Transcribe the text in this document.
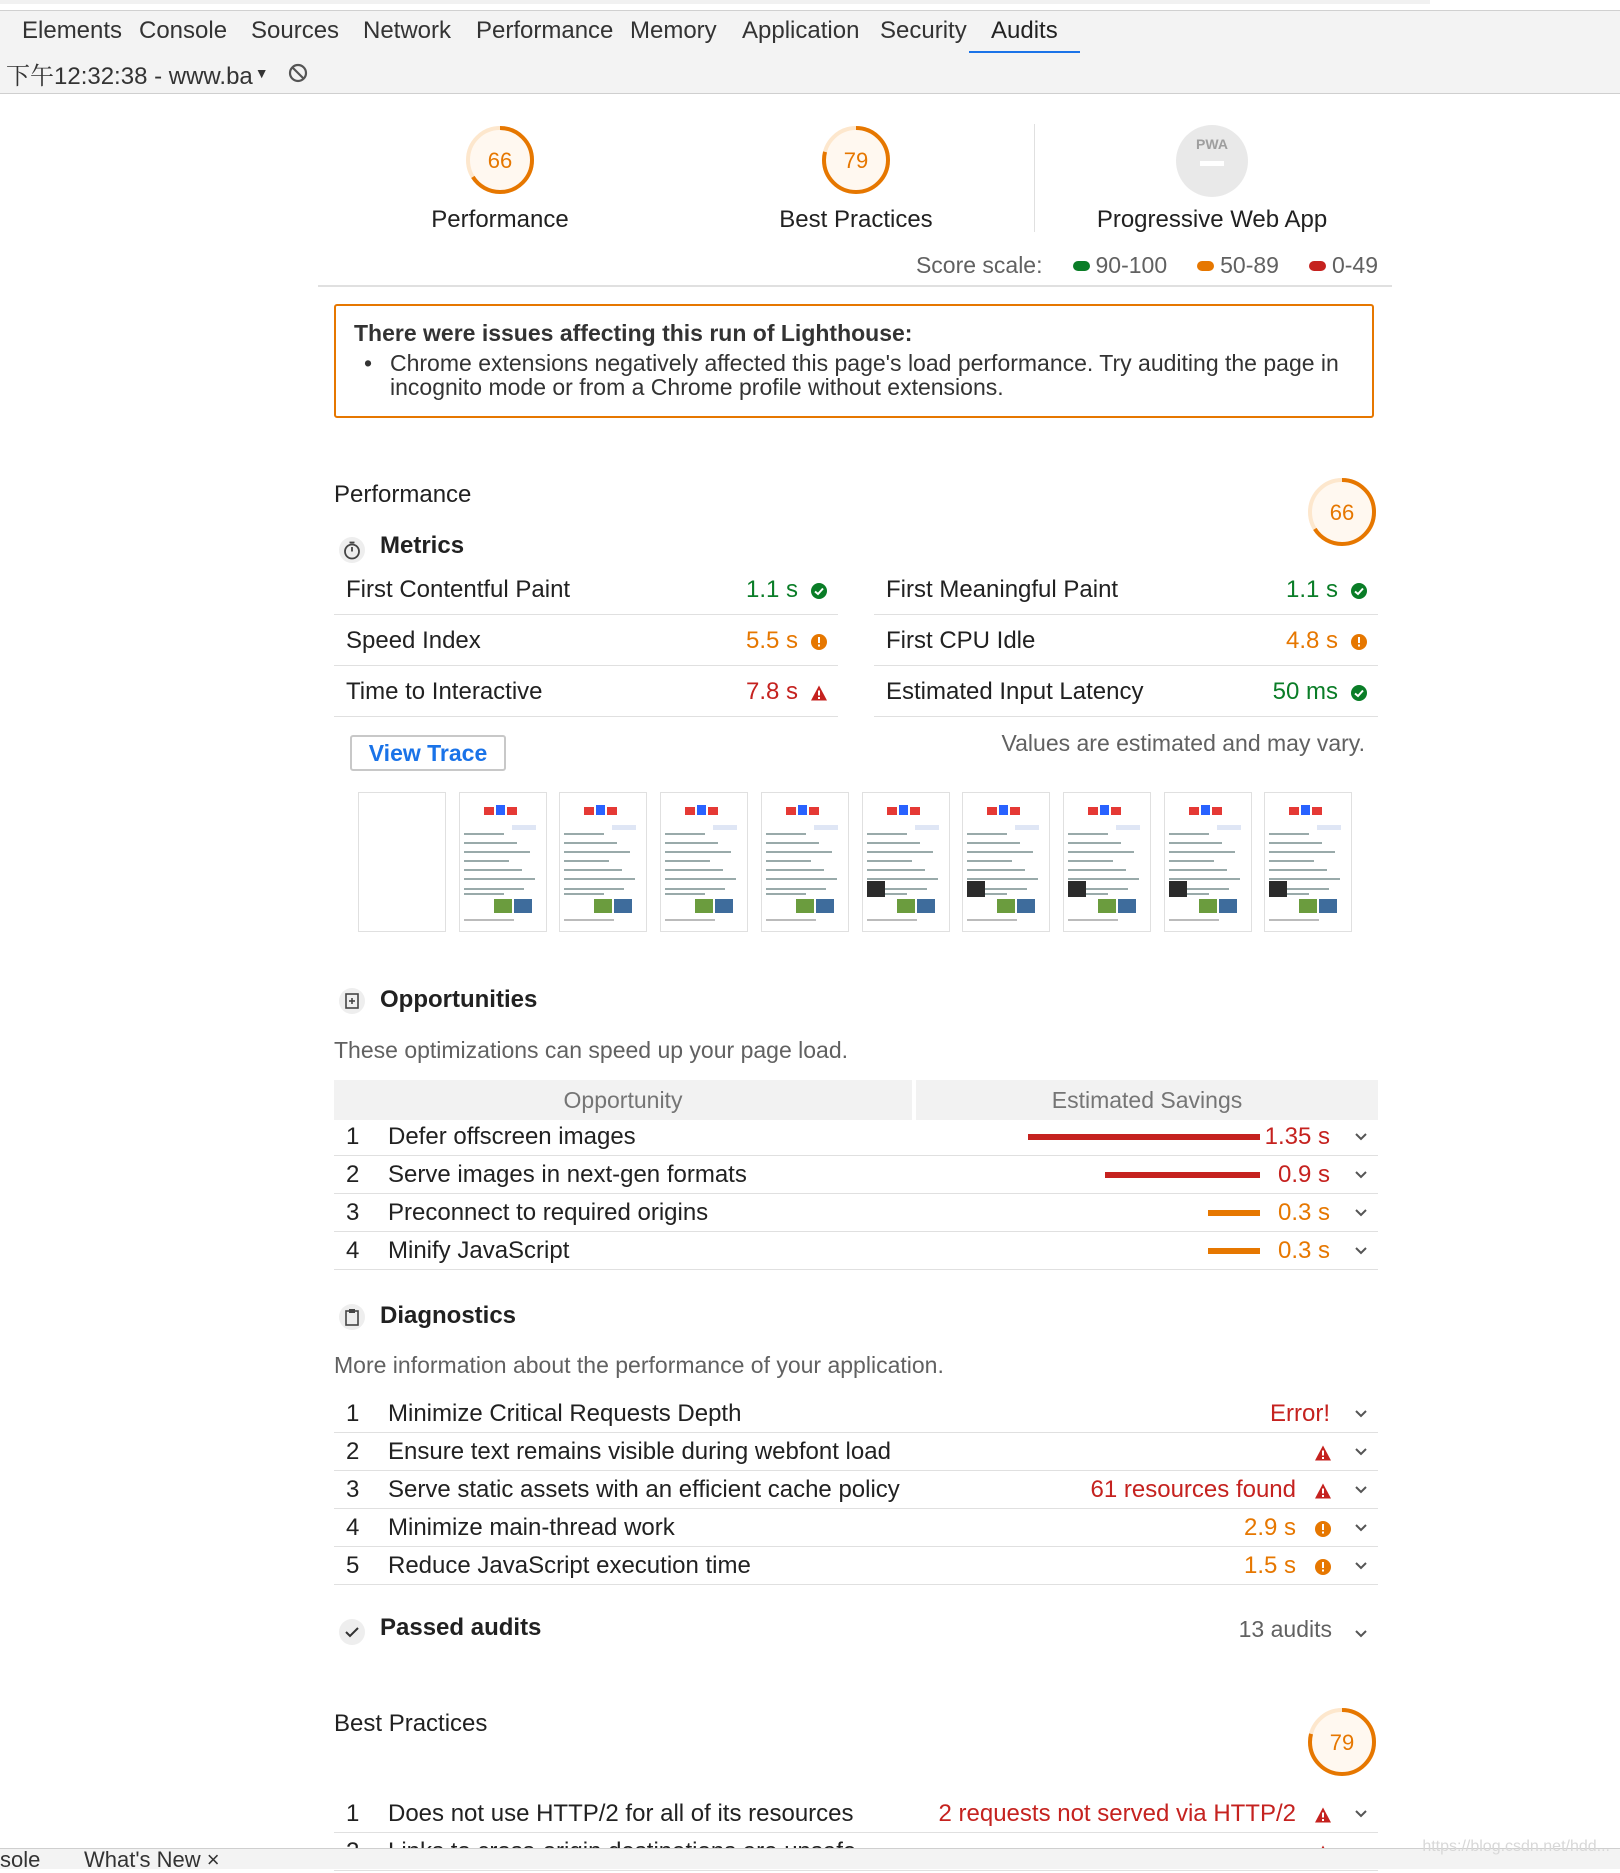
Elements Console Sources Network	Performance Memory	Application Security	Audits
下午12:32:38 - www.ba ▼
66
Performance
79
Best Practices
PWA
Progressive Web App
Score scale: 90-100 50-89 0-49
There were issues affecting this run of Lighthouse:
• Chrome extensions negatively affected this page's load performance. Try auditing the page in incognito mode or from a Chrome profile without extensions.
Performance
66
Metrics
First Contentful Paint	1.1 s	First Meaningful Paint	1.1 s
Speed Index	5.5 s	First CPU Idle	4.8 s
Time to Interactive	7.8 s	Estimated Input Latency	50 ms
View Trace	Values are estimated and may vary.
Opportunities
These optimizations can speed up your page load.
Opportunity	Estimated Savings
1 Defer offscreen images	1.35 s
2 Serve images in next-gen formats	0.9 s
3 Preconnect to required origins	0.3 s
4 Minify JavaScript	0.3 s
Diagnostics
More information about the performance of your application.
1 Minimize Critical Requests Depth	Error!
2 Ensure text remains visible during webfont load
3 Serve static assets with an efficient cache policy	61 resources found
4 Minimize main-thread work	2.9 s
5 Reduce JavaScript execution time	1.5 s
Passed audits	13 audits
Best Practices
79
1 Does not use HTTP/2 for all of its resources	2 requests not served via HTTP/2
sole What's New ×
https://blog.csdn.net/hdd...
